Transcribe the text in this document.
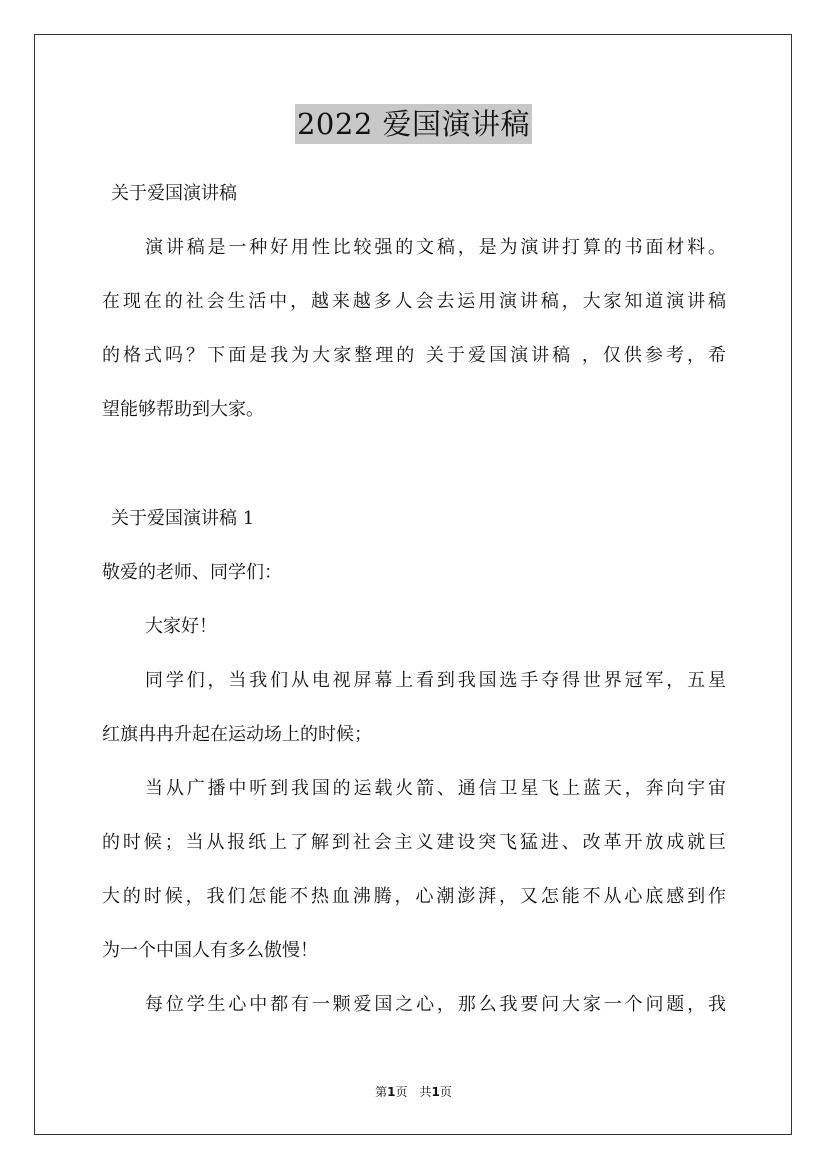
2022 爱国演讲稿
关于爱国演讲稿
演讲稿是一种好用性比较强的文稿，是为演讲打算的书面材料。
在现在的社会生活中，越来越多人会去运用演讲稿，大家知道演讲稿
的格式吗？下面是我为大家整理的 关于爱国演讲稿 ，仅供参考，希
望能够帮助到大家。
关于爱国演讲稿 1
敬爱的老师、同学们：
大家好！
同学们，当我们从电视屏幕上看到我国选手夺得世界冠军，五星
红旗冉冉升起在运动场上的时候；
当从广播中听到我国的运载火箭、通信卫星飞上蓝天，奔向宇宙
的时候；当从报纸上了解到社会主义建设突飞猛进、改革开放成就巨
大的时候，我们怎能不热血沸腾，心潮澎湃，又怎能不从心底感到作
为一个中国人有多么傲慢！
每位学生心中都有一颗爱国之心，那么我要问大家一个问题，我
第1页　共1页
